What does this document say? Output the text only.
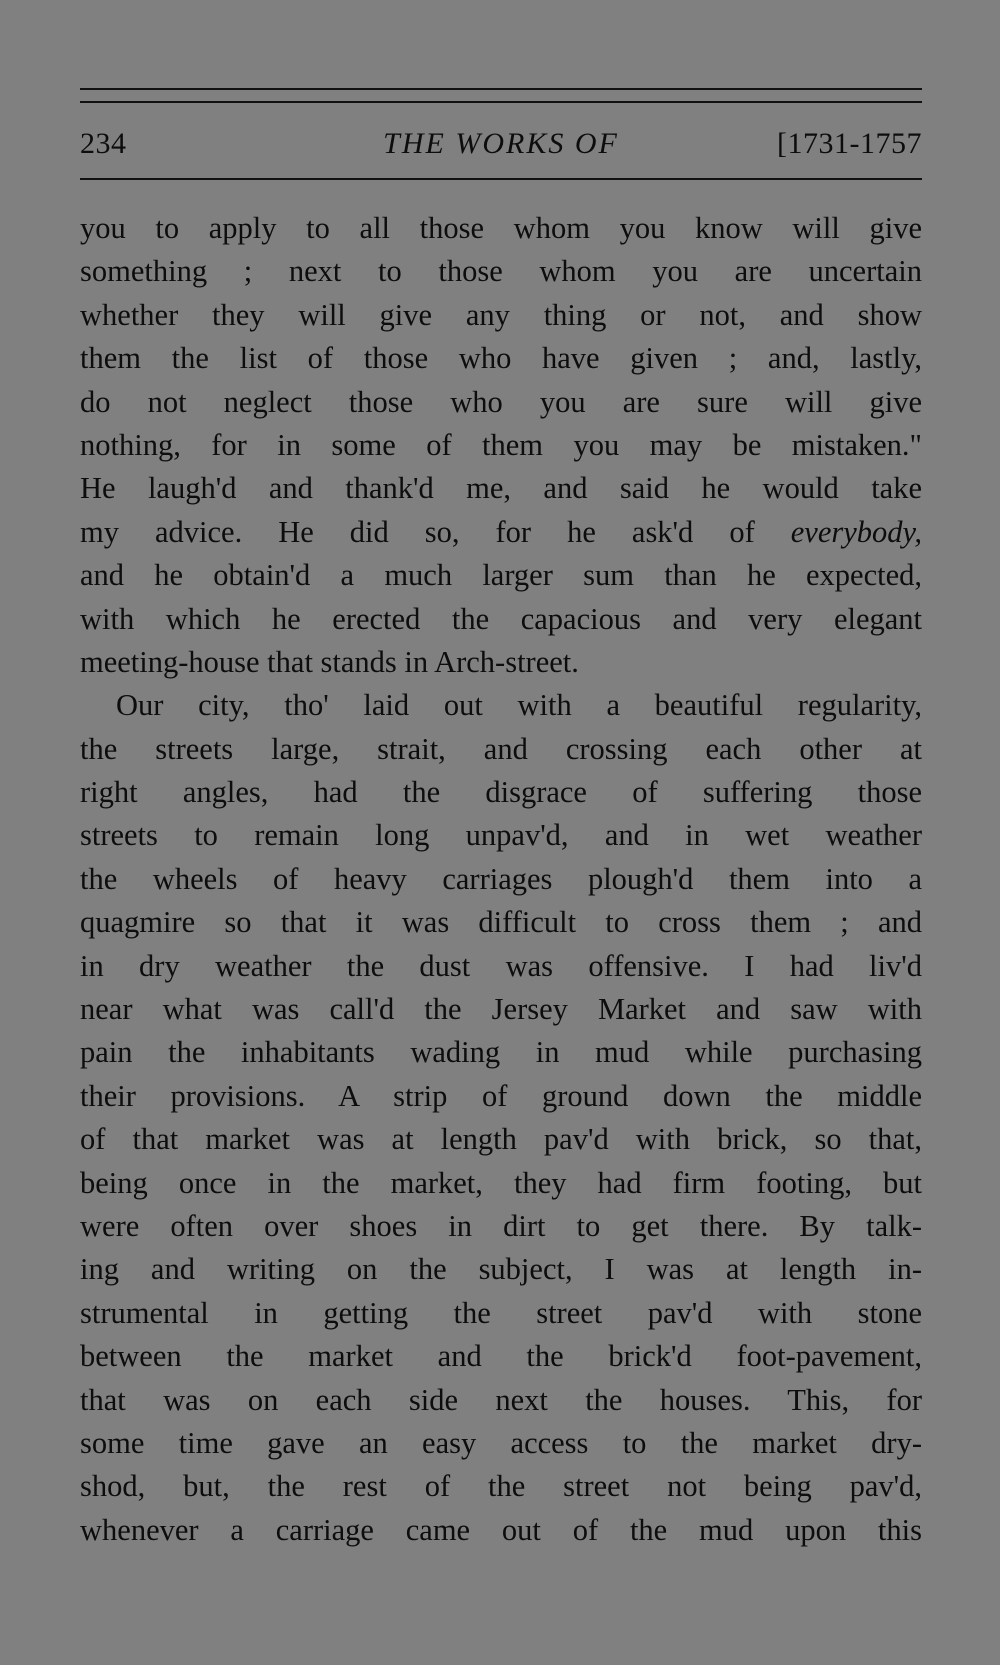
234	THE WORKS OF	[1731-1757
you to apply to all those whom you know will give
something ; next to those whom you are uncertain
whether they will give any thing or not, and show
them the list of those who have given ; and, lastly,
do not neglect those who you are sure will give
nothing, for in some of them you may be mistaken."
He laugh'd and thank'd me, and said he would take
my advice. He did so, for he ask'd of everybody,
and he obtain'd a much larger sum than he expected,
with which he erected the capacious and very elegant
meeting-house that stands in Arch-street.
Our city, tho' laid out with a beautiful regularity,
the streets large, strait, and crossing each other at
right angles, had the disgrace of suffering those
streets to remain long unpav'd, and in wet weather
the wheels of heavy carriages plough'd them into a
quagmire so that it was difficult to cross them ; and
in dry weather the dust was offensive. I had liv'd
near what was call'd the Jersey Market and saw with
pain the inhabitants wading in mud while purchasing
their provisions. A strip of ground down the middle
of that market was at length pav'd with brick, so that,
being once in the market, they had firm footing, but
were often over shoes in dirt to get there. By talk-
ing and writing on the subject, I was at length in-
strumental in getting the street pav'd with stone
between the market and the brick'd foot-pavement,
that was on each side next the houses. This, for
some time gave an easy access to the market dry-
shod, but, the rest of the street not being pav'd,
whenever a carriage came out of the mud upon this
